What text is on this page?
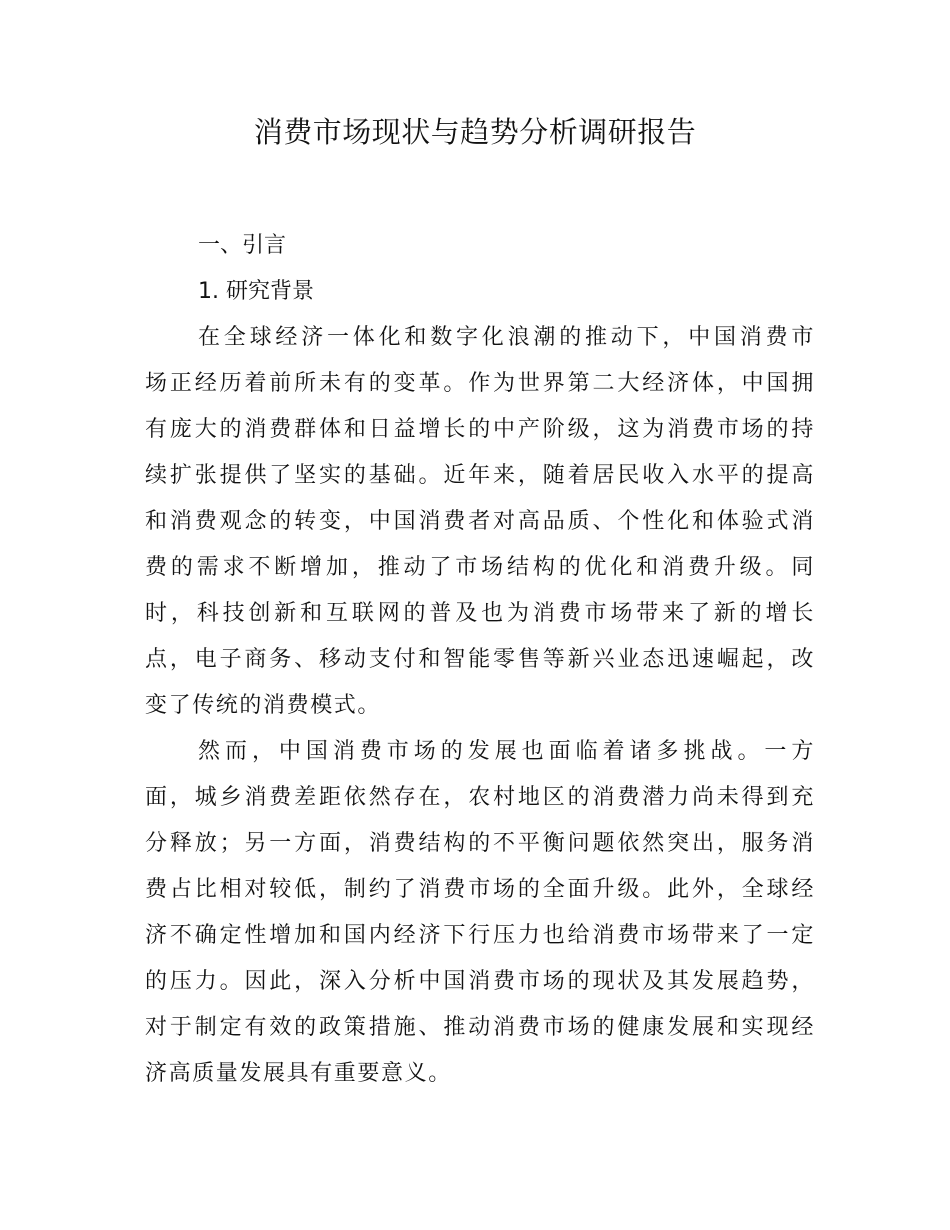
消费市场现状与趋势分析调研报告
一、引言
1. 研究背景
在全球经济一体化和数字化浪潮的推动下，中国消费市
场正经历着前所未有的变革。作为世界第二大经济体，中国拥
有庞大的消费群体和日益增长的中产阶级，这为消费市场的持
续扩张提供了坚实的基础。近年来，随着居民收入水平的提高
和消费观念的转变，中国消费者对高品质、个性化和体验式消
费的需求不断增加，推动了市场结构的优化和消费升级。同
时，科技创新和互联网的普及也为消费市场带来了新的增长
点，电子商务、移动支付和智能零售等新兴业态迅速崛起，改
变了传统的消费模式。
然而，中国消费市场的发展也面临着诸多挑战。一方
面，城乡消费差距依然存在，农村地区的消费潜力尚未得到充
分释放；另一方面，消费结构的不平衡问题依然突出，服务消
费占比相对较低，制约了消费市场的全面升级。此外，全球经
济不确定性增加和国内经济下行压力也给消费市场带来了一定
的压力。因此，深入分析中国消费市场的现状及其发展趋势，
对于制定有效的政策措施、推动消费市场的健康发展和实现经
济高质量发展具有重要意义。
